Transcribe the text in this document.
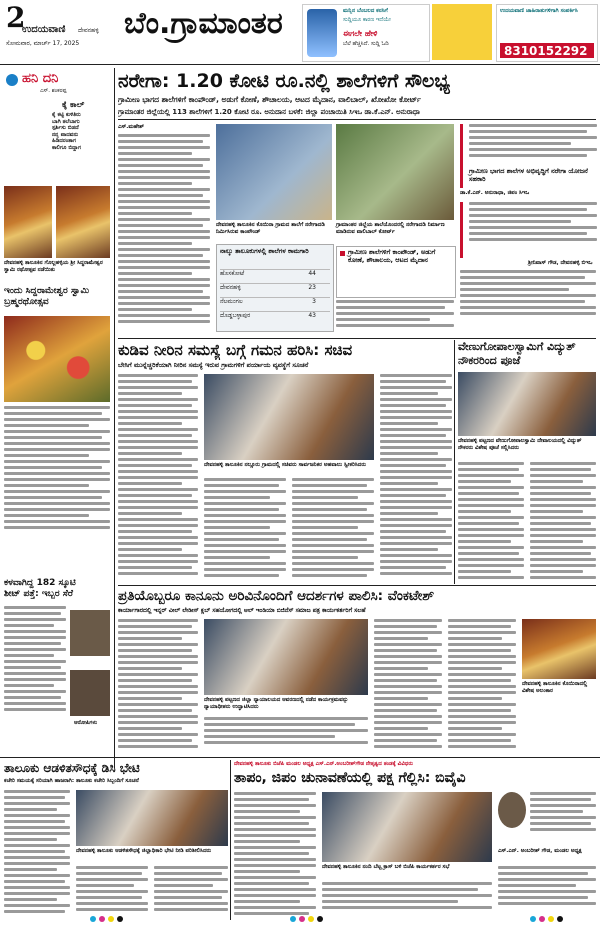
2
ಉದಯವಾಣಿ ದೇವನಹಳ್ಳಿ
ಸೋಮವಾರ, ಮಾರ್ಚ್ 17, 2025
ಬೆಂ.ಗ್ರಾಮಾಂತರ	ಮನ್ನಿನ ಬೆಂಬಲದ ಕನಸಿಗೆ
ಸುದ್ದಿಯೂ ಕಾರಣ ಇದೆಯೇ
ಈಗಲೇ ಹೇಳಿ
ಬೆಲೆ ಹೆಚ್ಚಿಸಿದೆ. ಸುದ್ದಿ ಓದಿ
ಉದಯವಾಣಿ ಜಾಹಿರಾತುಗಳಿಗಾಗಿ ಸಂಪರ್ಕಿಸಿ
8310152292
ಹನಿ ದನಿ
ಎಸ್. ಶಂಕರಪ್ಪ
ಕೈ ಕಾಲ್
ಕೈ ಕಟ್ಟಿ ಕುಳಿತಿರು
ಬಾಗಿ ತಲೆಬಾಗು
ಸ್ಪರ್ಶಿಸು ಬಿಡದೆ
ನನ್ನ ಪಾದವನು
ಹಿಡಿದರಂತಾಗ
ಕಾಲಿಗೂ ಬಿದ್ದಾಗ
ದೇವನಹಳ್ಳಿ ತಾಲೂಕಿನ ಗೊಲ್ಲಹಳ್ಳಿಯ ಶ್ರೀ ಸಿದ್ಧರಾಮೇಶ್ವರ ಸ್ವಾಮಿ ರಥೋತ್ಸವ ನಡೆಯಿತು
ಇಂದು ಸಿದ್ದರಾಮೇಶ್ವರ ಸ್ವಾಮಿ ಬ್ರಹ್ಮರಥೋತ್ಸವ
ಕಳವಾಗಿದ್ದ 182 ಸ್ಕೂಟಿ
ಶೀಟ್ ಪತ್ತೆ: ಇಬ್ಬರ ಸೆರೆ
ಆರೋಪಿಗಳು
ನರೇಗಾ: 1.20 ಕೋಟಿ ರೂ.ನಲ್ಲಿ ಶಾಲೆಗಳಿಗೆ ಸೌಲಭ್ಯ
ಗ್ರಾಮೀಣ ಭಾಗದ ಶಾಲೆಗಳಿಗೆ ಕಾಂಪೌಂಡ್, ಅಡುಗೆ ಕೋಣೆ, ಶೌಚಾಲಯ, ಆಟದ ಮೈದಾನ, ವಾಲಿಬಾಲ್, ಖೋಖೋ ಕೋರ್ಟ್
ಗ್ರಾಮಾಂತರ ಜಿಲ್ಲೆಯಲ್ಲಿ 113 ಶಾಲೆಗಳಿಗೆ 1.20 ಕೋಟಿ ರೂ. ಅನುದಾನ ಬಳಕೆ: ಜಿಲ್ಲಾ ಪಂಚಾಯಿತಿ ಸಿಇಒ ಡಾ.ಕೆ.ಎನ್. ಅನುರಾಧಾ
ಎಸ್.ಮಹೇಶ್
ದೇವನಹಳ್ಳಿ ತಾಲೂಕಿನ ಕೊಯಿರಾ ಗ್ರಾಮದ ಶಾಲೆಗೆ ನರೇಗಾದಡಿ ನಿರ್ಮಿಸಿರುವ ಕಾಂಪೌಂಡ್
ಗ್ರಾಮಾಂತರ ಜಿಲ್ಲೆಯ ಶಾಲೆಯೊಂದರಲ್ಲಿ ನರೇಗಾದಡಿ ನಿರ್ಮಾಣ ಮಾಡಿರುವ ವಾಲಿಬಾಲ್ ಕೋರ್ಟ್
ನಾಲ್ಕು ತಾಲೂಕುಗಳಲ್ಲಿ ಶಾಲೆಗಳ ಕಾಮಗಾರಿ
ಹೊಸಕೋಟೆ	44
ದೇವನಹಳ್ಳಿ	23
ನೆಲಮಂಗಲ	3
ದೊಡ್ಡಬಳ್ಳಾಪುರ	43
ಗ್ರಾಮೀಣ ಶಾಲೆಗಳಿಗೆ ಕಾಂಪೌಂಡ್, ಅಡುಗೆ ಕೋಣೆ, ಶೌಚಾಲಯ, ಆಟದ ಮೈದಾನ
ಗ್ರಾಮೀಣ ಭಾಗದ ಶಾಲೆಗಳ ಅಭಿವೃದ್ಧಿಗೆ ನರೇಗಾ ಯೋಜನೆ ಸಹಕಾರಿ
ಡಾ.ಕೆ.ಎನ್. ಅನುರಾಧಾ, ಜಿಪಂ ಸಿಇಒ
ಶ್ರೀನಿವಾಸ್ ಗೌಡ, ದೇವನಹಳ್ಳಿ ಬಿಇಒ
ಕುಡಿವ ನೀರಿನ ಸಮಸ್ಯೆ ಬಗ್ಗೆ ಗಮನ ಹರಿಸಿ: ಸಚಿವ
ಬೇಸಿಗೆ ಮುನ್ನೆಚ್ಚರಿಕೆಯಾಗಿ ನೀರಿನ ಸಮಸ್ಯೆ ಇರುವ ಗ್ರಾಮಗಳಿಗೆ ಪರ್ಯಾಯ ವ್ಯವಸ್ಥೆಗೆ ಸೂಚನೆ
ದೇವನಹಳ್ಳಿ ತಾಲೂಕಿನ ನಲ್ಲೂರು ಗ್ರಾಮದಲ್ಲಿ ಸಚಿವರು ಸಾರ್ವಜನಿಕರ ಅಹವಾಲು ಸ್ವೀಕರಿಸಿದರು
ವೇಣುಗೋಪಾಲಸ್ವಾಮಿಗೆ ವಿದ್ಯುತ್ ನೌಕರರಿಂದ ಪೂಜೆ
ದೇವನಹಳ್ಳಿ ಪಟ್ಟಣದ ವೇಣುಗೋಪಾಲಸ್ವಾಮಿ ದೇವಾಲಯದಲ್ಲಿ ವಿದ್ಯುತ್ ನೌಕರರು ವಿಶೇಷ ಪೂಜೆ ಸಲ್ಲಿಸಿದರು
ಪ್ರತಿಯೊಬ್ಬರೂ ಕಾನೂನು ಅರಿವಿನೊಂದಿಗೆ ಆದರ್ಶಗಳ ಪಾಲಿಸಿ: ವೆಂಕಟೇಶ್
ಕಾರ್ಯಾಗಾರದಲ್ಲಿ ಇನ್ನರ್ ವೀಲ್ ಲೇಡೀಸ್ ಕ್ಲಬ್ ಸಹಯೋಗದಲ್ಲಿ ಆಲ್ ಇಂಡಿಯಾ ಬಿಜಿನೆಸ್ ಸಮಾಜ ಪತ್ರ ಕಾರ್ಯಕರ್ತರಿಗೆ ಸಲಹೆ
ದೇವನಹಳ್ಳಿ ಪಟ್ಟಣದ ಜಿಲ್ಲಾ ನ್ಯಾಯಾಲಯದ ಆವರಣದಲ್ಲಿ ನಡೆದ ಕಾರ್ಯಕ್ರಮವನ್ನು ನ್ಯಾಯಾಧೀಶರು ಉದ್ಘಾಟಿಸಿದರು
ದೇವನಹಳ್ಳಿ ತಾಲೂಕಿನ ಕೊಯಿರಾದಲ್ಲಿ ವಿಶೇಷ ಅಲಂಕಾರ
ತಾಲೂಕು ಆಡಳಿತಸೌಧಕ್ಕೆ ಡಿಸಿ ಭೇಟಿ
ಕಚೇರಿ ಸಮಯಕ್ಕೆ ಸರಿಯಾಗಿ ಹಾಜರಾಗಿ: ತಾಲೂಕು ಕಚೇರಿ ಸಿಬ್ಬಂದಿಗೆ ಸೂಚನೆ
ದೇವನಹಳ್ಳಿ ತಾಲೂಕು ಆಡಳಿತಸೌಧಕ್ಕೆ ಜಿಲ್ಲಾಧಿಕಾರಿ ಭೇಟಿ ನೀಡಿ ಪರಿಶೀಲಿಸಿದರು
ದೇವನಹಳ್ಳಿ ತಾಲೂಕು ಬಿಜೆಪಿ ಮಂಡಲ ಅಧ್ಯಕ್ಷ ಎಸ್.ಎನ್.ಅಂಬರೀಶ್‌ಗೌಡ ನೇತೃತ್ವದ ತಂಡಕ್ಕೆ ವಿವಿಧರು
ತಾಪಂ, ಜಿಪಂ ಚುನಾವಣೆಯಲ್ಲಿ ಪಕ್ಷ ಗೆಲ್ಲಿಸಿ: ಬಿವೈವಿ
ದೇವನಹಳ್ಳಿ ತಾಲೂಕಿನ ನಂದಿ ಬೆಟ್ಟ ಕ್ರಾಸ್ ಬಳಿ ಬಿಜೆಪಿ ಕಾರ್ಯಕರ್ತರ ಸಭೆ
ಎಸ್.ಎನ್. ಅಂಬರೀಶ್ ಗೌಡ, ಮಂಡಲ ಅಧ್ಯಕ್ಷ
